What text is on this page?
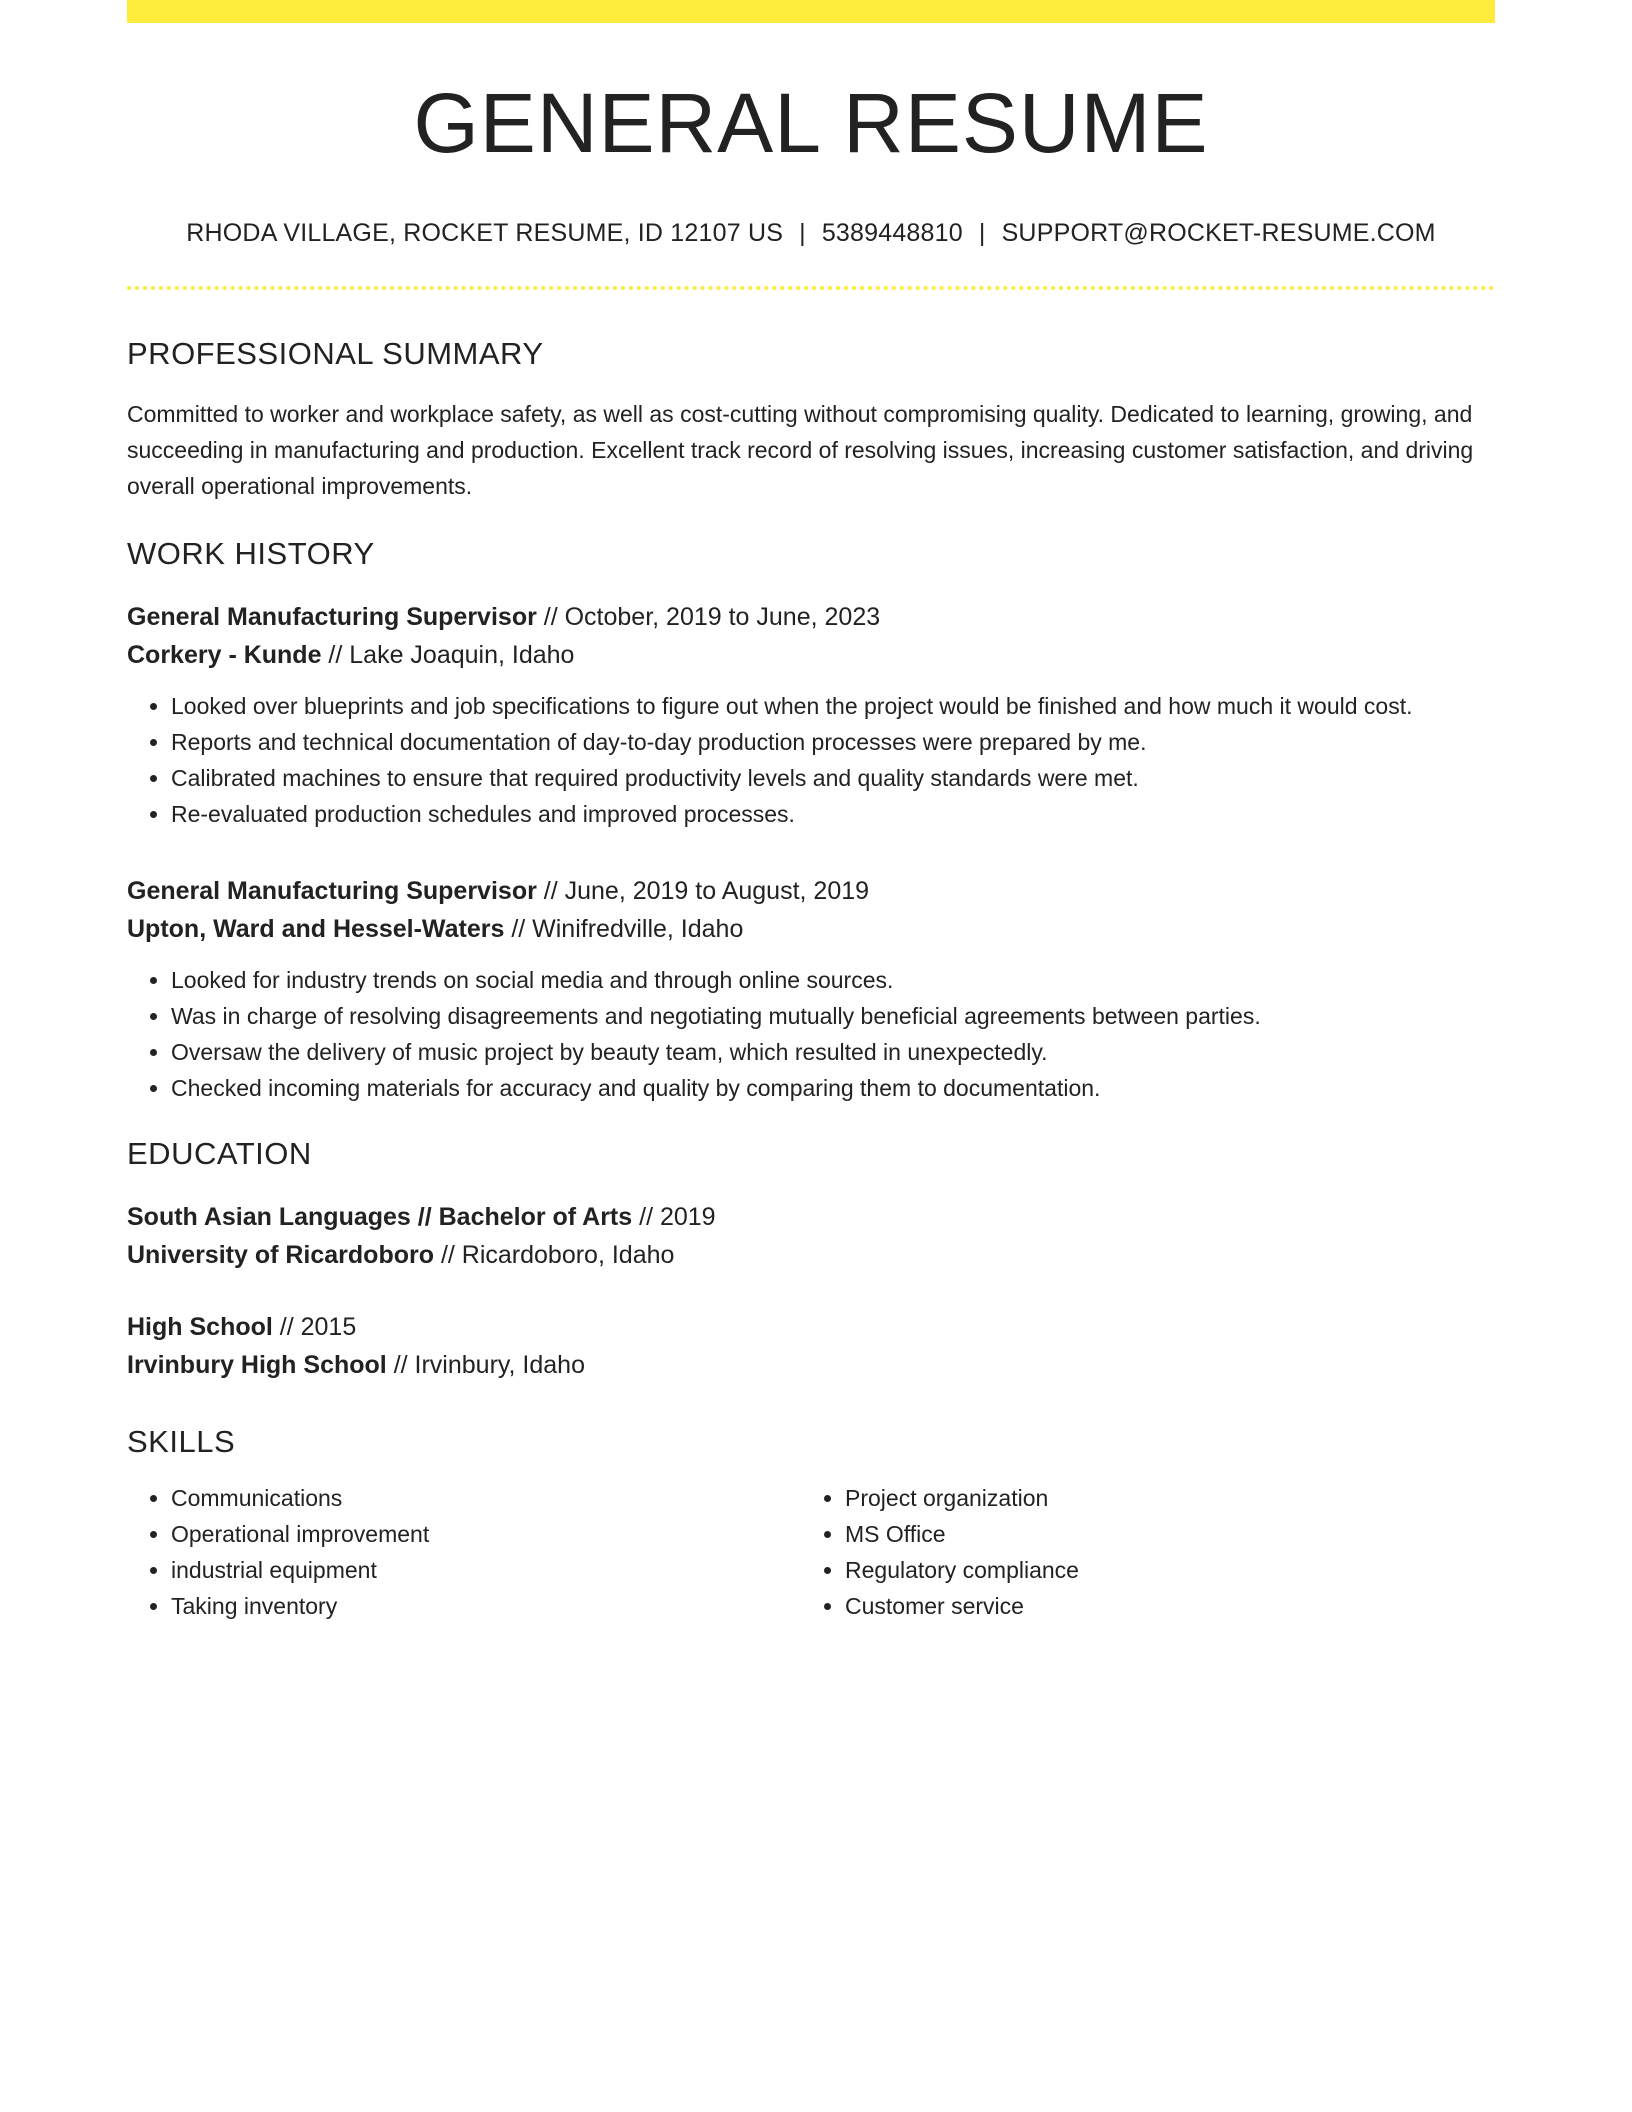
GENERAL RESUME
RHODA VILLAGE, ROCKET RESUME, ID 12107 US | 5389448810 | SUPPORT@ROCKET-RESUME.COM
PROFESSIONAL SUMMARY
Committed to worker and workplace safety, as well as cost-cutting without compromising quality. Dedicated to learning, growing, and succeeding in manufacturing and production. Excellent track record of resolving issues, increasing customer satisfaction, and driving overall operational improvements.
WORK HISTORY
General Manufacturing Supervisor // October, 2019 to June, 2023
Corkery - Kunde // Lake Joaquin, Idaho
• Looked over blueprints and job specifications to figure out when the project would be finished and how much it would cost.
• Reports and technical documentation of day-to-day production processes were prepared by me.
• Calibrated machines to ensure that required productivity levels and quality standards were met.
• Re-evaluated production schedules and improved processes.
General Manufacturing Supervisor // June, 2019 to August, 2019
Upton, Ward and Hessel-Waters // Winifredville, Idaho
• Looked for industry trends on social media and through online sources.
• Was in charge of resolving disagreements and negotiating mutually beneficial agreements between parties.
• Oversaw the delivery of music project by beauty team, which resulted in unexpectedly.
• Checked incoming materials for accuracy and quality by comparing them to documentation.
EDUCATION
South Asian Languages // Bachelor of Arts // 2019
University of Ricardoboro // Ricardoboro, Idaho
High School // 2015
Irvinbury High School // Irvinbury, Idaho
SKILLS
• Communications
• Operational improvement
• industrial equipment
• Taking inventory
• Project organization
• MS Office
• Regulatory compliance
• Customer service
